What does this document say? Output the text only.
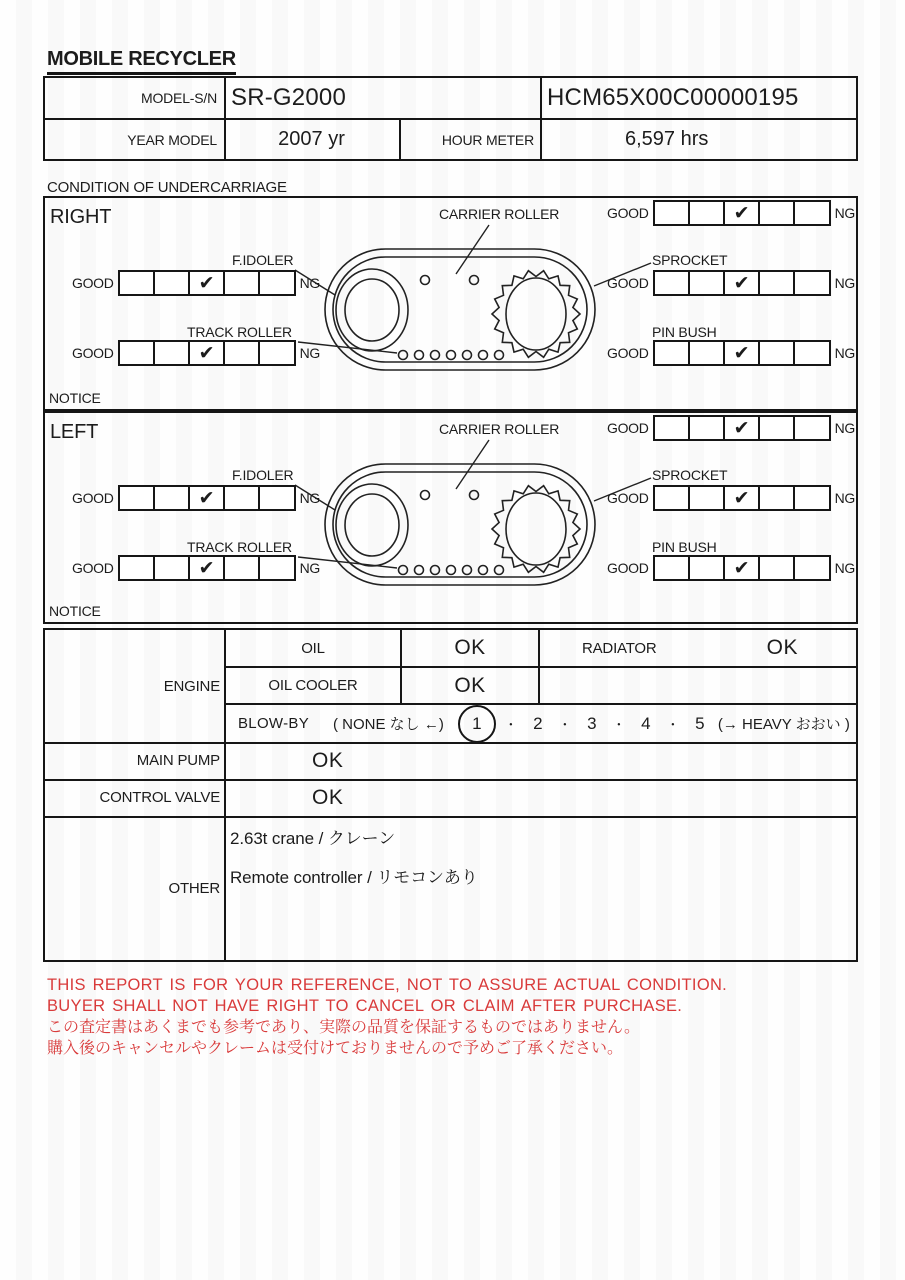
MOBILE RECYCLER
MODEL-S/N SR-G2000	HCM65X00C00000195
YEAR MODEL	2007 yr	HOUR METER	6,597 hrs
CONDITION OF UNDERCARRIAGE
RIGHT
NOTICE
CARRIER ROLLER	GOOD	✔	NG
F.IDOLER
GOOD	✔	NG
SPROCKET
GOOD	✔	NG
TRACK ROLLER
GOOD	✔	NG
PIN BUSH
GOOD	✔	NG
LEFT
NOTICE
CARRIER ROLLER	GOOD	✔	NG
F.IDOLER
GOOD	✔	NG
SPROCKET
GOOD	✔	NG
TRACK ROLLER
GOOD	✔	NG
PIN BUSH
GOOD	✔	NG
ENGINE
OIL	OK	RADIATOR	OK
OIL COOLER	OK
BLOW-BY ( NONE なし ←)	1	・ 2	・ 3	・ 4	・ 5 (→ HEAVY おおい )
MAIN PUMP	OK
CONTROL VALVE	OK
OTHER
2.63t crane / クレーン
Remote controller / リモコンあり
THIS REPORT IS FOR YOUR REFERENCE, NOT TO ASSURE ACTUAL CONDITION.
BUYER SHALL NOT HAVE RIGHT TO CANCEL OR CLAIM AFTER PURCHASE.
この査定書はあくまでも参考であり、実際の品質を保証するものではありません。
購入後のキャンセルやクレームは受付けておりませんので予めご了承ください。
